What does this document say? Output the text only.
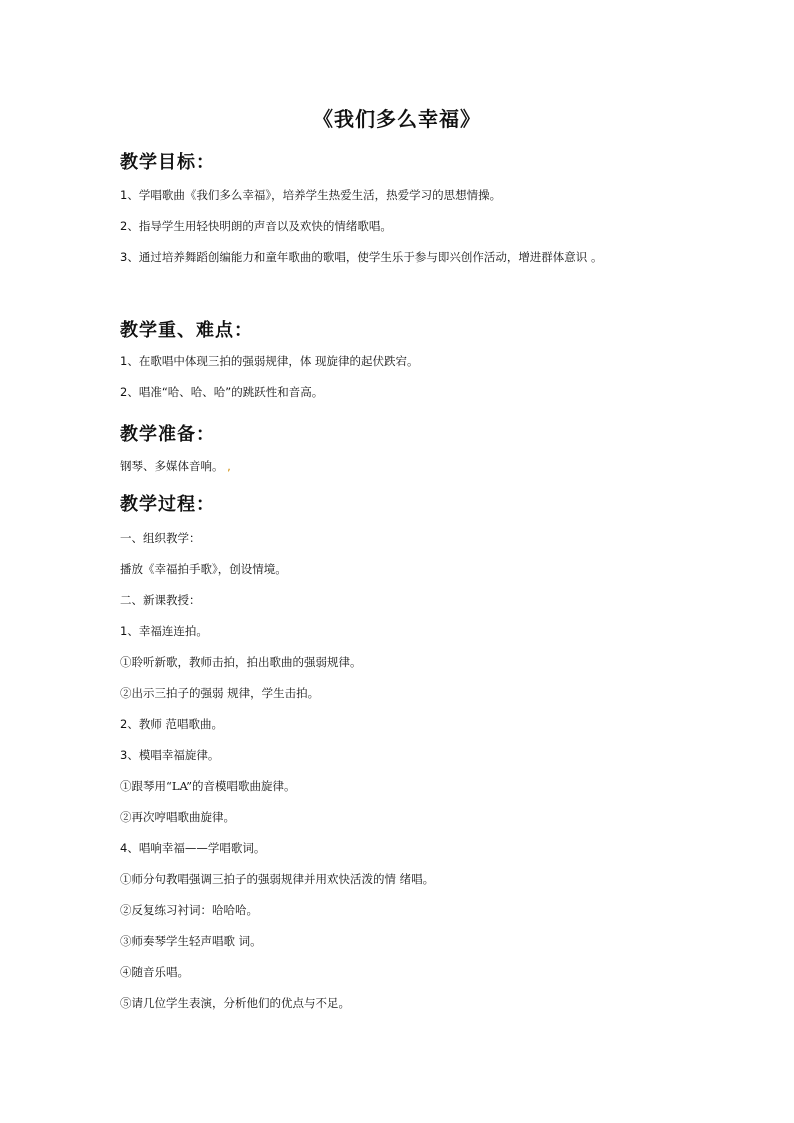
《我们多么幸福》
教学目标：
1、学唱歌曲《我们多么幸福》，培养学生热爱生活，热爱学习的思想情操。
2、指导学生用轻快明朗的声音以及欢快的情绪歌唱。
3、通过培养舞蹈创编能力和童年歌曲的歌唱，使学生乐于参与即兴创作活动，增进群体意识 。
教学重、难点：
1、在歌唱中体现三拍的强弱规律，体 现旋律的起伏跌宕。
2、唱准“哈、哈、哈”的跳跃性和音高。
教学准备：
钢琴、多媒体音响。 ,
教学过程：
一、组织教学：
播放《幸福拍手歌》，创设情境。
二、新课教授：
1、幸福连连拍。
①聆听新歌，教师击拍，拍出歌曲的强弱规律。
②出示三拍子的强弱 规律，学生击拍。
2、教师 范唱歌曲。
3、模唱幸福旋律。
①跟琴用“LA”的音模唱歌曲旋律。
②再次哼唱歌曲旋律。
4、唱响幸福——学唱歌词。
①师分句教唱强调三拍子的强弱规律并用欢快活泼的情 绪唱。
②反复练习衬词：哈哈哈。
③师奏琴学生轻声唱歌 词。
④随音乐唱。
⑤请几位学生表演，分析他们的优点与不足。
